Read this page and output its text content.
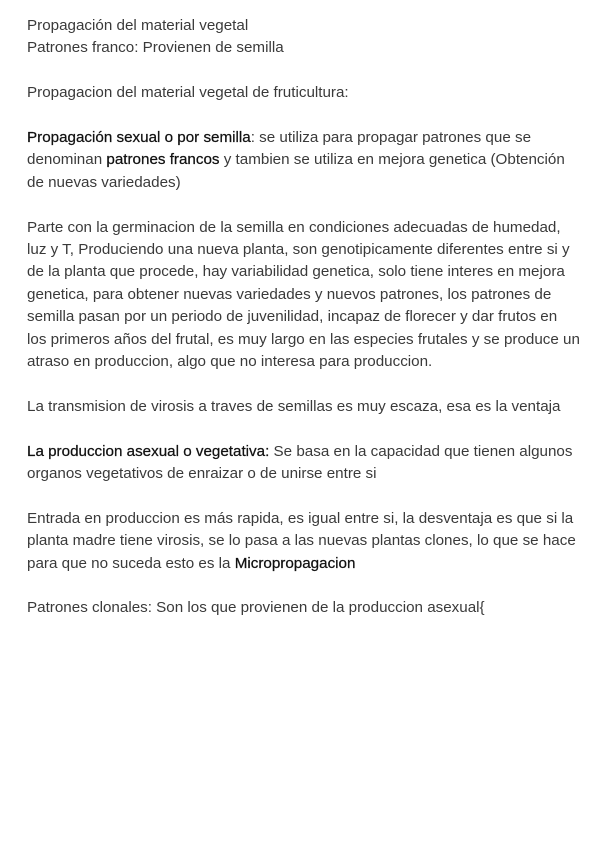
Propagación del material vegetal

Patrones franco: Provienen de semilla

Propagacion del material vegetal de fruticultura:

Propagación sexual o por semilla: se utiliza para propagar patrones que se denominan patrones francos y tambien se utiliza en mejora genetica (Obtención de nuevas variedades)

Parte con la germinacion de la semilla en condiciones adecuadas de humedad, luz y T, Produciendo una nueva planta, son genotipicamente diferentes entre si y de la planta que procede, hay variabilidad genetica, solo tiene interes en mejora genetica, para obtener nuevas variedades y nuevos patrones, los patrones de semilla pasan por un periodo de juvenilidad, incapaz de florecer y dar frutos en los primeros años del frutal, es muy largo en las especies frutales y se produce un atraso en produccion, algo que no interesa para produccion.

La transmision de virosis a traves de semillas es muy escaza, esa es la ventaja

La produccion asexual o vegetativa: Se basa en la capacidad que tienen algunos organos vegetativos de enraizar o de unirse entre si

Entrada en produccion es más rapida, es igual entre si, la desventaja es que si la planta madre tiene virosis, se lo pasa a las nuevas plantas clones, lo que se hace para que no suceda esto es la Micropropagacion

Patrones clonales: Son los que provienen de la produccion asexual{
